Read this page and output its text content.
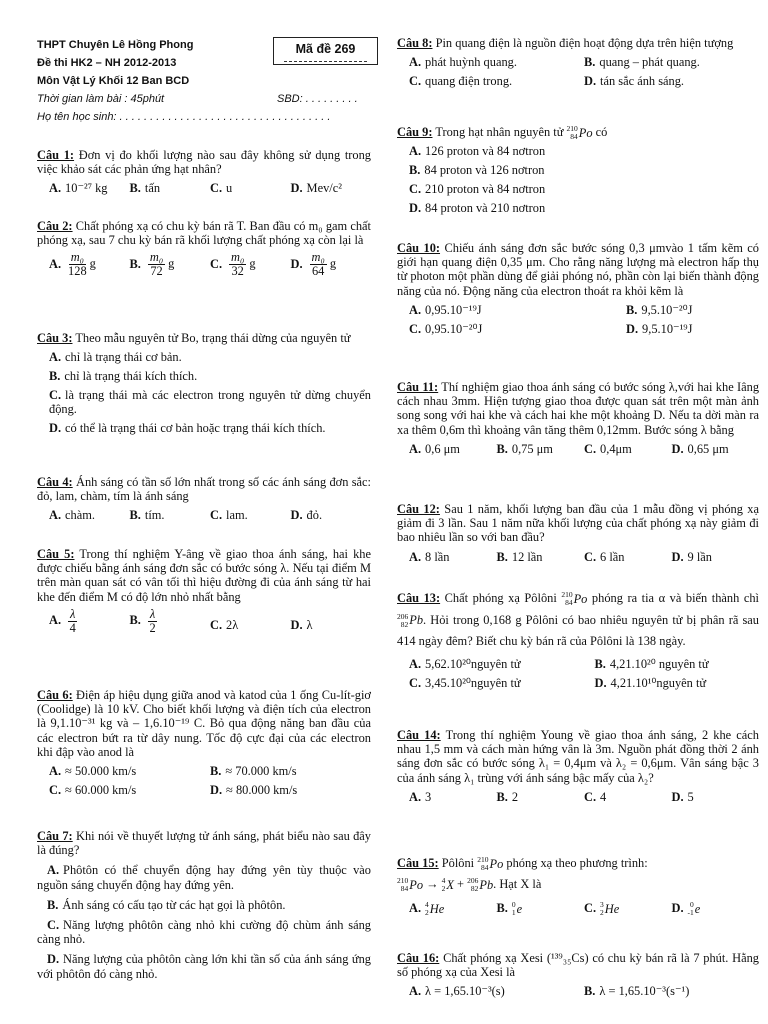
THPT Chuyên Lê Hồng Phong
Đề thi HK2 – NH 2012-2013
Môn Vật Lý Khối 12 Ban BCD
Thời gian làm bài : 45phút	SBD: . . . . . . . . .
Họ tên học sinh: . . . . . . . . . . . . . . . . . . . . . . . . . . . . . . . . . . .
Câu 1: Đơn vị đo khối lượng nào sau đây không sử dụng trong việc khảo sát các phản ứng hạt nhân?
A. 10⁻²⁷ kg	B. tấn	C. u	D. Mev/c²
Câu 2: Chất phóng xạ có chu kỳ bán rã T. Ban đầu có m₀ gam chất phóng xạ, sau 7 chu kỳ bán rã khối lượng chất phóng xạ còn lại là
A. $\frac{\text{m₀}}{128}$ g	B. $\frac{\text{m₀}}{72}$ g	C. $\frac{\text{m₀}}{32}$ g	D. $\frac{\text{m₀}}{64}$ g
Câu 3: Theo mẫu nguyên tử Bo, trạng thái dừng của nguyên tử
A. chỉ là trạng thái cơ bản.
B. chỉ là trạng thái kích thích.
C. là trạng thái mà các electron trong nguyên tử dừng chuyển động.
D. có thể là trạng thái cơ bản hoặc trạng thái kích thích.
Câu 4: Ánh sáng có tần số lớn nhất trong số các ánh sáng đơn sắc: đỏ, lam, chàm, tím là ánh sáng
A. chàm.	B. tím.	C. lam.	D. đỏ.
Câu 5: Trong thí nghiệm Y-âng về giao thoa ánh sáng, hai khe được chiếu bằng ánh sáng đơn sắc có bước sóng λ. Nếu tại điểm M trên màn quan sát có vân tối thì hiệu đường đi của ánh sáng từ hai khe đến điểm M có độ lớn nhỏ nhất bằng
A. $\frac{\lambda}{4}$	B. $\frac{\lambda}{2}$	C. 2λ	D. λ
Câu 6: Điện áp hiệu dụng giữa anod và katod của 1 ống Cu-lít-giơ (Coolidge) là 10 kV. Cho biết khối lượng và điện tích của electron là 9,1.10⁻³¹ kg và – 1,6.10⁻¹⁹ C. Bỏ qua động năng ban đầu của các electron bứt ra từ dây nung. Tốc độ cực đại của các electron khi đập vào anod là
A. ≈ 50.000 km/s	B. ≈ 70.000 km/s
C. ≈ 60.000 km/s	D. ≈ 80.000 km/s
Câu 7: Khi nói về thuyết lượng tử ánh sáng, phát biểu nào sau đây là đúng?
A. Phôtôn có thể chuyển động hay đứng yên tùy thuộc vào nguồn sáng chuyển động hay đứng yên.
B. Ánh sáng có cấu tạo từ các hạt gọi là phôtôn.
C. Năng lượng phôtôn càng nhỏ khi cường độ chùm ánh sáng càng nhỏ.
D. Năng lượng của phôtôn càng lớn khi tần số của ánh sáng ứng với phôtôn đó càng nhỏ.
Mã đề 269	Câu 8: Pin quang điện là nguồn điện hoạt động dựa trên hiện tượng
A. phát huỳnh quang.	B. quang – phát quang.
C. quang điện trong.	D. tán sắc ánh sáng.
Câu 9: Trong hạt nhân nguyên tử 210
84 Po có
A. 126 proton và 84 nơtron
B. 84 proton và 126 nơtron
C. 210 proton và 84 nơtron
D. 84 proton và 210 nơtron
Câu 10: Chiếu ánh sáng đơn sắc bước sóng 0,3 μmvào 1 tấm kẽm có giới hạn quang điện 0,35 μm. Cho rằng năng lượng mà electron hấp thụ từ photon một phần dùng để giải phóng nó, phần còn lại biến thành động năng của nó. Động năng của electron thoát ra khỏi kẽm là
A. 0,95.10⁻¹⁹J	B. 9,5.10⁻²⁰J
C. 0,95.10⁻²⁰J	D. 9,5.10⁻¹⁹J
Câu 11: Thí nghiệm giao thoa ánh sáng có bước sóng λ,với hai khe Iâng cách nhau 3mm. Hiện tượng giao thoa được quan sát trên một màn ảnh song song với hai khe và cách hai khe một khoảng D. Nếu ta dời màn ra xa thêm 0,6m thì khoảng vân tăng thêm 0,12mm. Bước sóng λ bằng
A. 0,6 μm	B. 0,75 μm	C. 0,4μm	D. 0,65 μm
Câu 12: Sau 1 năm, khối lượng ban đầu của 1 mẫu đồng vị phóng xạ giảm đi 3 lần. Sau 1 năm nữa khối lượng của chất phóng xạ này giảm đi bao nhiêu lần so với ban đầu?
A. 8 lần	B. 12 lần	C. 6 lần	D. 9 lần
Câu 13: Chất phóng xạ Pôlôni 210
84 Po phóng ra tia α và biến thành chì
206
82 Pb . Hỏi trong 0,168 g Pôlôni có bao nhiêu nguyên tử bị phân rã sau 414 ngày đêm? Biết chu kỳ bán rã của Pôlôni là 138 ngày.
A. 5,62.10²⁰nguyên tử	B. 4,21.10²⁰ nguyên tử
C. 3,45.10²⁰nguyên tử	D. 4,21.10¹⁰nguyên tử
Câu 14: Trong thí nghiệm Young về giao thoa ánh sáng, 2 khe cách nhau 1,5 mm và cách màn hứng vân là 3m. Nguồn phát đồng thời 2 ánh sáng đơn sắc có bước sóng λ₁ = 0,4μm và λ₂ = 0,6μm. Vân sáng bậc 3 của ánh sáng λ₁ trùng với ánh sáng bậc mấy của λ₂?
A. 3	B. 2	C. 4	D. 5
Câu 15: Pôlôni 210
84 Po phóng xạ theo phương trình:

210
84 Po → 4
2 X + 206
82 Pb . Hạt X là
A. 4
2 He	B. 0
1 e	C. 3
2 He	D. 0
-1 e
Câu 16: Chất phóng xạ Xesi (¹³⁹₃₅Cs) có chu kỳ bán rã là 7 phút. Hằng số phóng xạ của Xesi là
A. λ = 1,65.10⁻³(s)	B. λ = 1,65.10⁻³(s⁻¹)
